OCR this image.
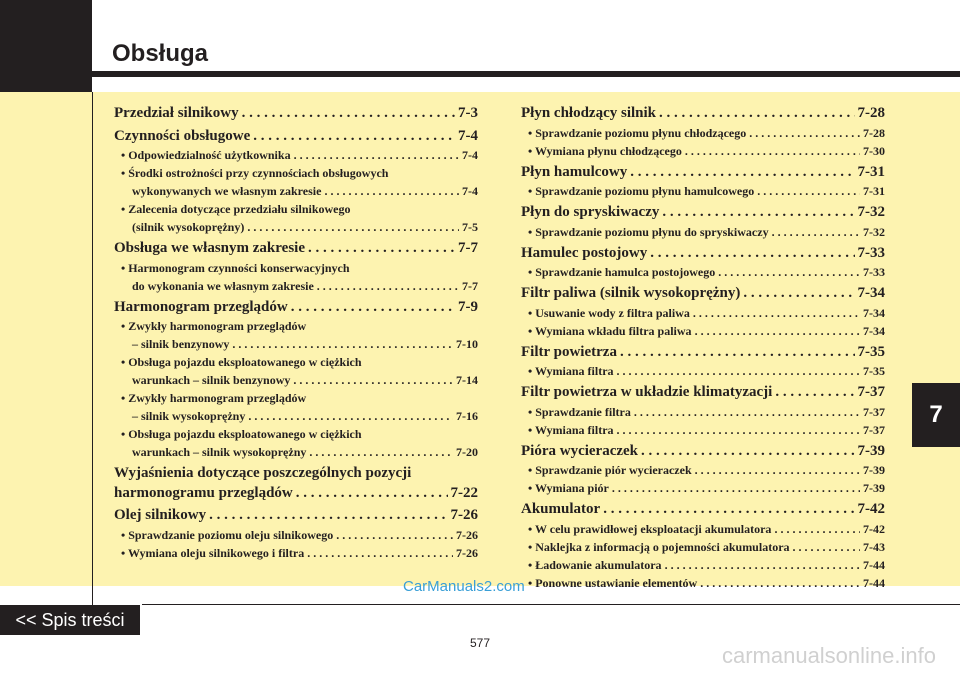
Obsługa
Przedział silnikowy . . .	7-3
Czynności obsługowe . . .	7-4
• Odpowiedzialność użytkownika . . .	7-4
• Środki ostrożności przy czynnościach obsługowych
wykonywanych we własnym zakresie . . .	7-4
• Zalecenia dotyczące przedziału silnikowego
(silnik wysokoprężny) . . .	7-5
Obsługa we własnym zakresie . . .	7-7
• Harmonogram czynności konserwacyjnych
do wykonania we własnym zakresie . . .	7-7
Harmonogram przeglądów . . .	7-9
• Zwykły harmonogram przeglądów
– silnik benzynowy . . .	7-10
• Obsługa pojazdu eksploatowanego w ciężkich
warunkach – silnik benzynowy . . .	7-14
• Zwykły harmonogram przeglądów
– silnik wysokoprężny . . .	7-16
• Obsługa pojazdu eksploatowanego w ciężkich
warunkach – silnik wysokoprężny . . .	7-20
Wyjaśnienia dotyczące poszczególnych pozycji
harmonogramu przeglądów . . .	7-22
Olej silnikowy . . .	7-26
• Sprawdzanie poziomu oleju silnikowego . . .	7-26
• Wymiana oleju silnikowego i filtra . . .	7-26
Płyn chłodzący silnik . . .	7-28
• Sprawdzanie poziomu płynu chłodzącego . . .	7-28
• Wymiana płynu chłodzącego . . .	7-30
Płyn hamulcowy . . .	7-31
• Sprawdzanie poziomu płynu hamulcowego . . .	7-31
Płyn do spryskiwaczy . . .	7-32
• Sprawdzanie poziomu płynu do spryskiwaczy . . .	7-32
Hamulec postojowy . . .	7-33
• Sprawdzanie hamulca postojowego . . .	7-33
Filtr paliwa (silnik wysokoprężny) . . .	7-34
• Usuwanie wody z filtra paliwa . . .	7-34
• Wymiana wkładu filtra paliwa . . .	7-34
Filtr powietrza . . .	7-35
• Wymiana filtra . . .	7-35
Filtr powietrza w układzie klimatyzacji . . .	7-37
• Sprawdzanie filtra . . .	7-37
• Wymiana filtra . . .	7-37
Pióra wycieraczek . . .	7-39
• Sprawdzanie piór wycieraczek . . .	7-39
• Wymiana piór . . .	7-39
Akumulator . . .	7-42
• W celu prawidłowej eksploatacji akumulatora . . .	7-42
• Naklejka z informacją o pojemności akumulatora . . .	7-43
• Ładowanie akumulatora . . .	7-44
• Ponowne ustawianie elementów . . .	7-44
7
CarManuals2.com
<< Spis treści
577	carmanualsonline.info
